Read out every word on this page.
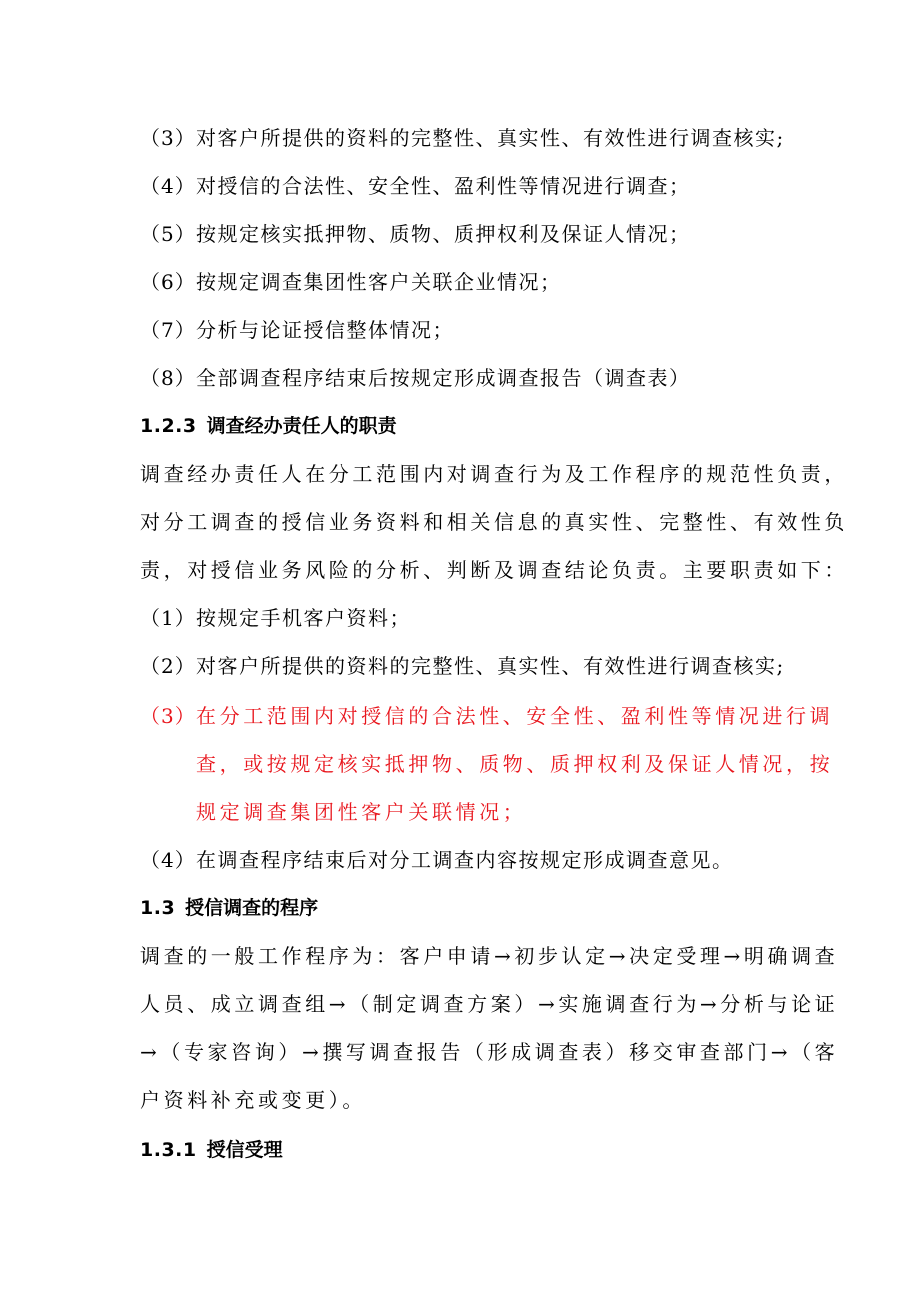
（3）对客户所提供的资料的完整性、真实性、有效性进行调查核实;

（4）对授信的合法性、安全性、盈利性等情况进行调查；

（5）按规定核实抵押物、质物、质押权利及保证人情况；

（6）按规定调查集团性客户关联企业情况；

（7）分析与论证授信整体情况；

（8）全部调查程序结束后按规定形成调查报告（调查表）

1.2.3 调查经办责任人的职责

调查经办责任人在分工范围内对调查行为及工作程序的规范性负责，

对分工调查的授信业务资料和相关信息的真实性、完整性、有效性负

责，对授信业务风险的分析、判断及调查结论负责。主要职责如下：

（1）按规定手机客户资料；

（2）对客户所提供的资料的完整性、真实性、有效性进行调查核实;

（3）在分工范围内对授信的合法性、安全性、盈利性等情况进行调

查，或按规定核实抵押物、质物、质押权利及保证人情况，按

规定调查集团性客户关联情况；

（4）在调查程序结束后对分工调查内容按规定形成调查意见。

1.3 授信调查的程序

调查的一般工作程序为：客户申请→初步认定→决定受理→明确调查

人员、成立调查组→（制定调查方案）→实施调查行为→分析与论证

→（专家咨询）→撰写调查报告（形成调查表）移交审查部门→（客

户资料补充或变更）。

1.3.1 授信受理
